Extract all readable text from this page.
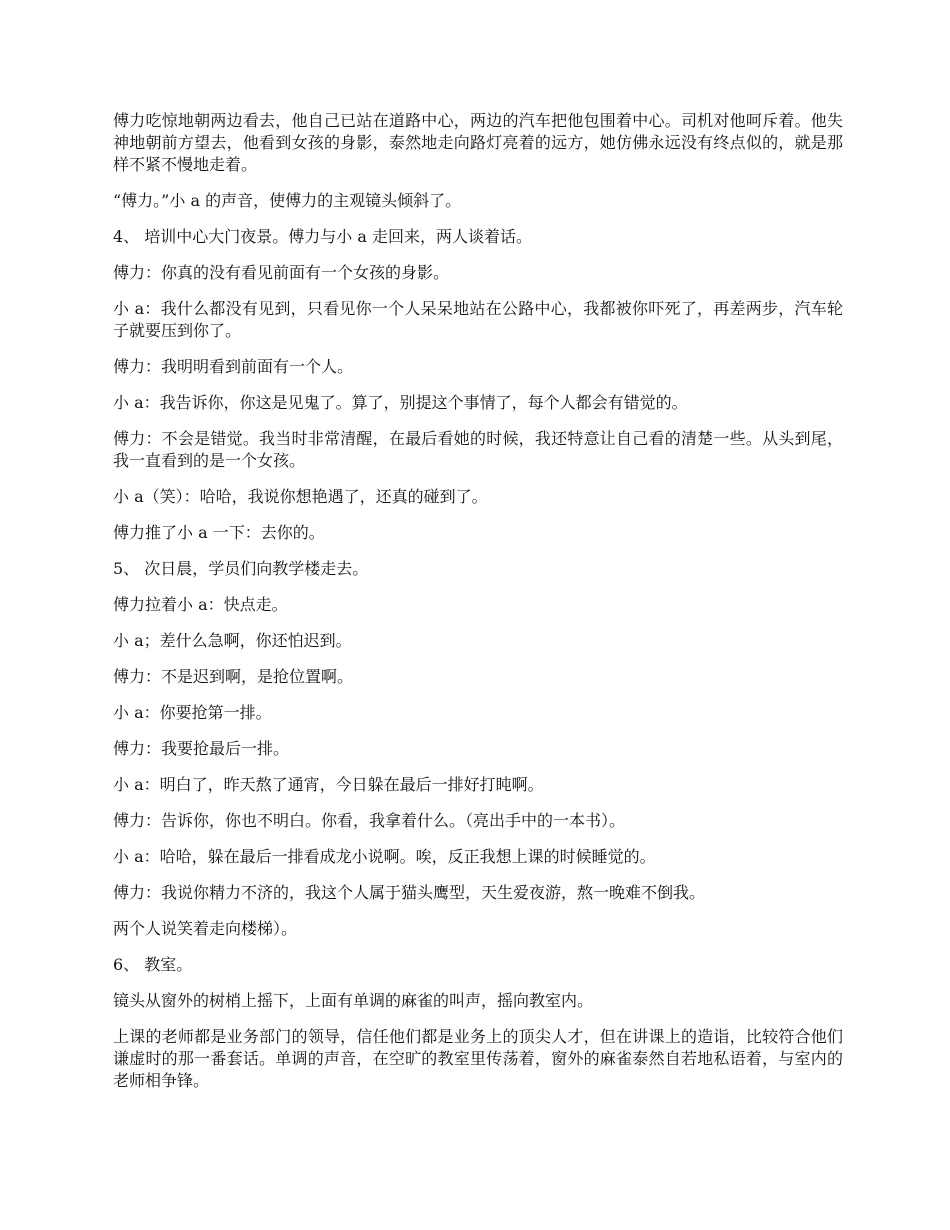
傅力吃惊地朝两边看去，他自己已站在道路中心，两边的汽车把他包围着中心。司机对他呵斥着。他失神地朝前方望去，他看到女孩的身影，泰然地走向路灯亮着的远方，她仿佛永远没有终点似的，就是那样不紧不慢地走着。

“傅力。”小 a 的声音，使傅力的主观镜头倾斜了。

4、 培训中心大门夜景。傅力与小 a 走回来，两人谈着话。

傅力：你真的没有看见前面有一个女孩的身影。

小 a：我什么都没有见到，只看见你一个人呆呆地站在公路中心，我都被你吓死了，再差两步，汽车轮子就要压到你了。

傅力：我明明看到前面有一个人。

小 a：我告诉你，你这是见鬼了。算了，别提这个事情了，每个人都会有错觉的。

傅力：不会是错觉。我当时非常清醒，在最后看她的时候，我还特意让自己看的清楚一些。从头到尾，我一直看到的是一个女孩。

小 a（笑）：哈哈，我说你想艳遇了，还真的碰到了。

傅力推了小 a 一下：去你的。

5、 次日晨，学员们向教学楼走去。

傅力拉着小 a：快点走。

小 a；差什么急啊，你还怕迟到。

傅力：不是迟到啊，是抢位置啊。

小 a：你要抢第一排。

傅力：我要抢最后一排。

小 a：明白了，昨天熬了通宵，今日躲在最后一排好打盹啊。

傅力：告诉你，你也不明白。你看，我拿着什么。（亮出手中的一本书）。

小 a：哈哈，躲在最后一排看成龙小说啊。唉，反正我想上课的时候睡觉的。

傅力：我说你精力不济的，我这个人属于猫头鹰型，天生爱夜游，熬一晚难不倒我。

两个人说笑着走向楼梯）。

6、 教室。

镜头从窗外的树梢上摇下，上面有单调的麻雀的叫声，摇向教室内。

上课的老师都是业务部门的领导，信任他们都是业务上的顶尖人才，但在讲课上的造诣，比较符合他们谦虚时的那一番套话。单调的声音，在空旷的教室里传荡着，窗外的麻雀泰然自若地私语着，与室内的老师相争锋。
